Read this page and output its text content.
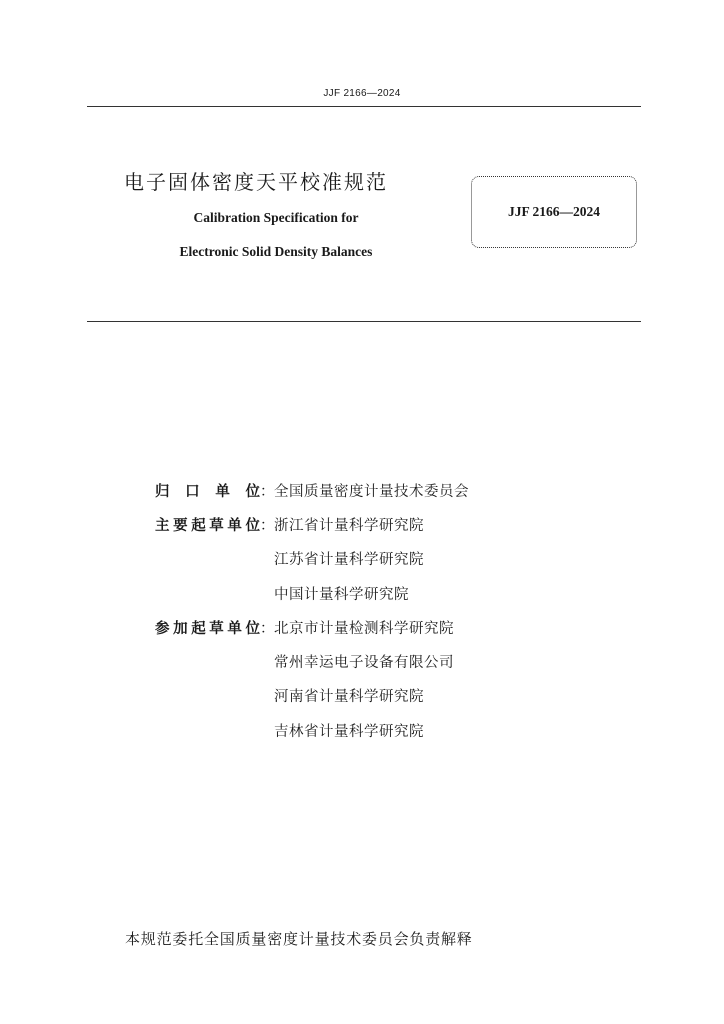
JJF 2166—2024
电子固体密度天平校准规范
Calibration Specification for
Electronic Solid Density Balances
JJF 2166—2024
归口单位：全国质量密度计量技术委员会
主要起草单位：浙江省计量科学研究院
江苏省计量科学研究院
中国计量科学研究院
参加起草单位：北京市计量检测科学研究院
常州幸运电子设备有限公司
河南省计量科学研究院
吉林省计量科学研究院
本规范委托全国质量密度计量技术委员会负责解释
